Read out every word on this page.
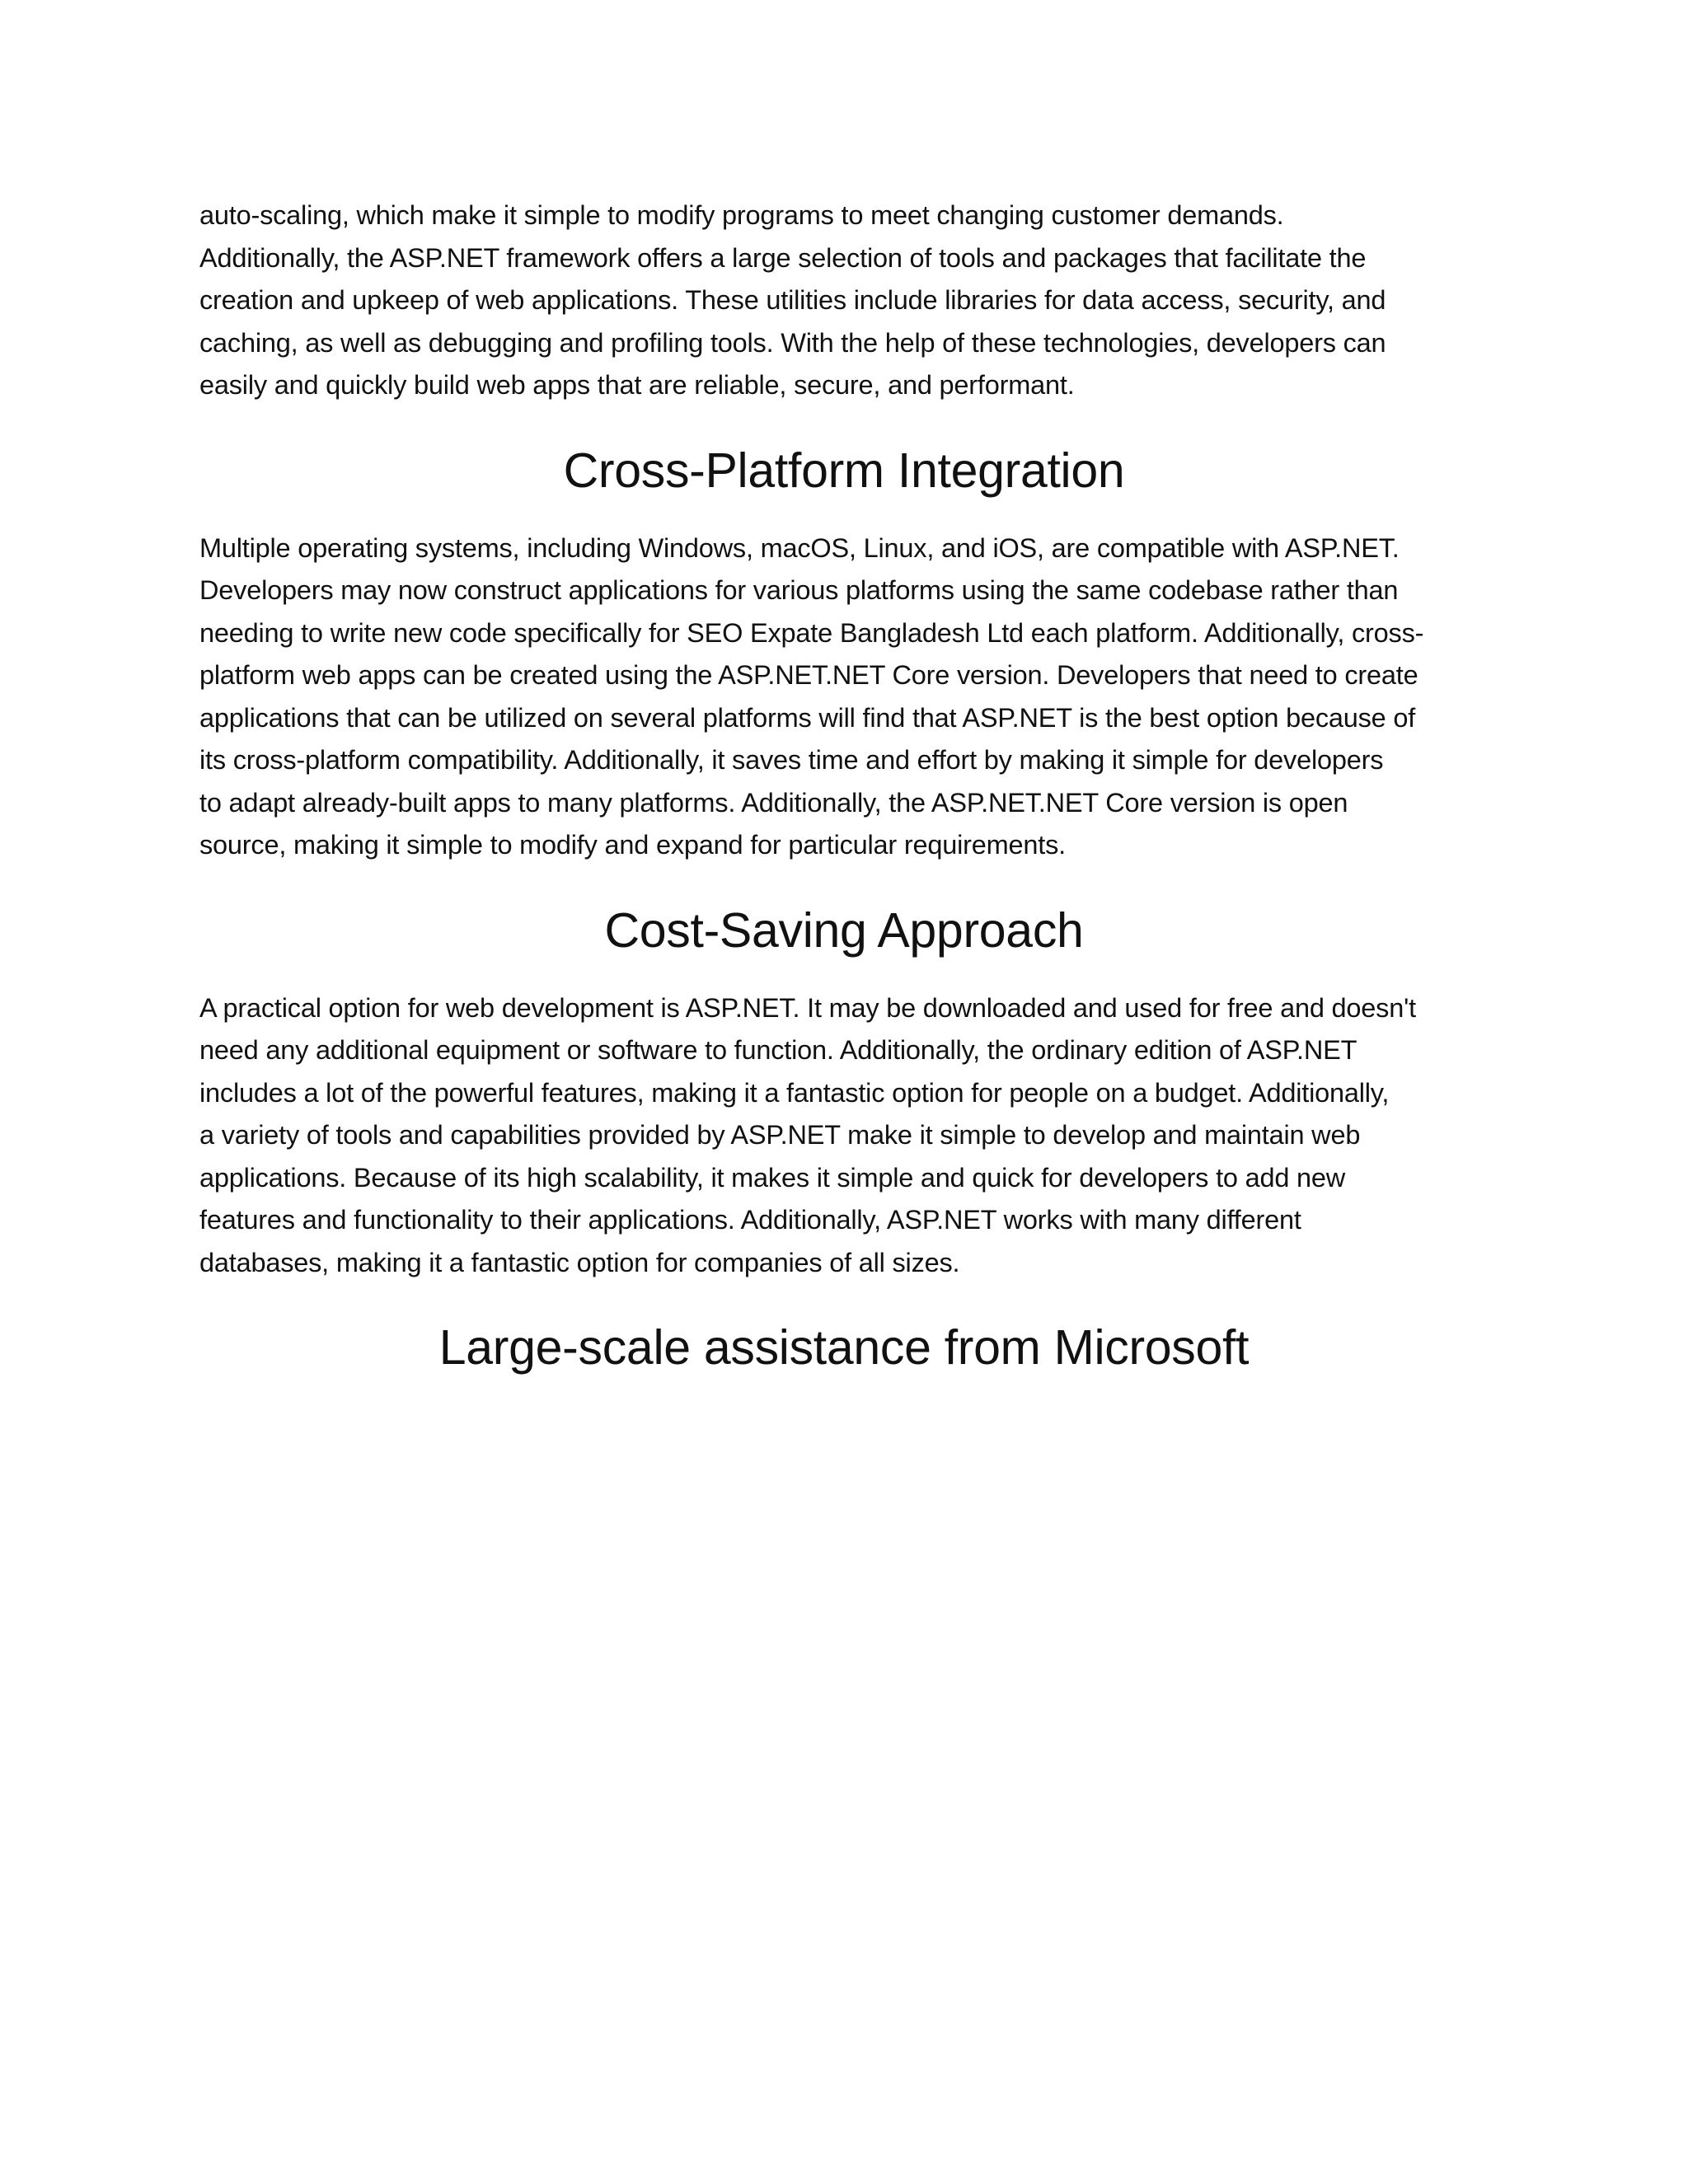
auto-scaling, which make it simple to modify programs to meet changing customer demands.
Additionally, the ASP.NET framework offers a large selection of tools and packages that facilitate the
creation and upkeep of web applications. These utilities include libraries for data access, security, and
caching, as well as debugging and profiling tools. With the help of these technologies, developers can
easily and quickly build web apps that are reliable, secure, and performant.

Cross-Platform Integration

Multiple operating systems, including Windows, macOS, Linux, and iOS, are compatible with ASP.NET.
Developers may now construct applications for various platforms using the same codebase rather than
needing to write new code specifically for SEO Expate Bangladesh Ltd each platform. Additionally, cross-
platform web apps can be created using the ASP.NET.NET Core version. Developers that need to create
applications that can be utilized on several platforms will find that ASP.NET is the best option because of
its cross-platform compatibility. Additionally, it saves time and effort by making it simple for developers
to adapt already-built apps to many platforms. Additionally, the ASP.NET.NET Core version is open
source, making it simple to modify and expand for particular requirements.

Cost-Saving Approach

A practical option for web development is ASP.NET. It may be downloaded and used for free and doesn't
need any additional equipment or software to function. Additionally, the ordinary edition of ASP.NET
includes a lot of the powerful features, making it a fantastic option for people on a budget. Additionally,
a variety of tools and capabilities provided by ASP.NET make it simple to develop and maintain web
applications. Because of its high scalability, it makes it simple and quick for developers to add new
features and functionality to their applications. Additionally, ASP.NET works with many different
databases, making it a fantastic option for companies of all sizes.

Large-scale assistance from Microsoft
